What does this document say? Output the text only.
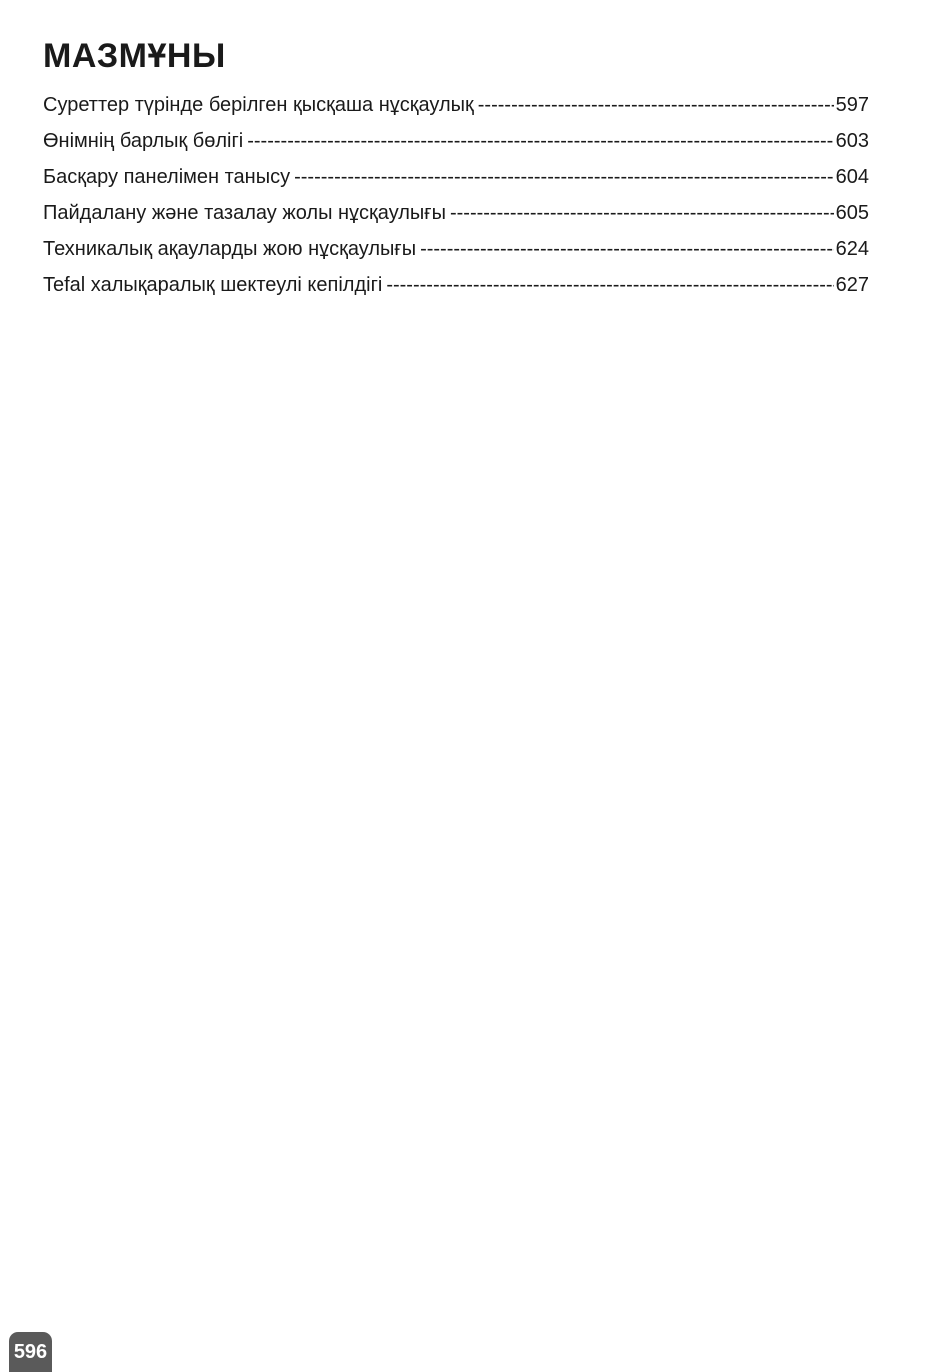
МАЗМҰНЫ
Суреттер түрінде берілген қысқаша нұсқаулық -----	597
Өнімнің барлық бөлігі -----	603
Басқару панелімен танысу -----	604
Пайдалану және тазалау жолы нұсқаулығы -----	605
Техникалық ақауларды жою нұсқаулығы -----	624
Tefal халықаралық шектеулі кепілдігі -----	627
596
